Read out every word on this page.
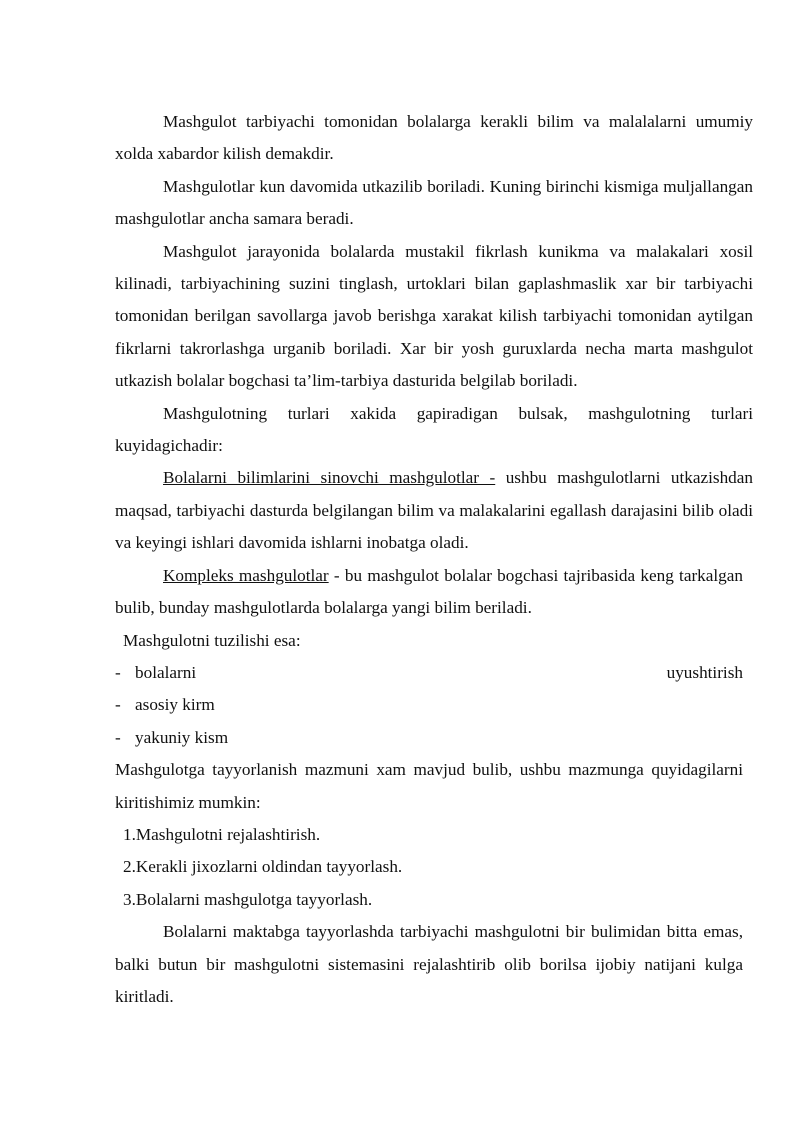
Mashgulot tarbiyachi tomonidan bolalarga kerakli bilim va malalalarni umumiy xolda xabardor kilish demakdir.

Mashgulotlar kun davomida utkazilib boriladi. Kuning birinchi kismiga muljallangan mashgulotlar ancha samara beradi.

Mashgulot jarayonida bolalarda mustakil fikrlash kunikma va malakalari xosil kilinadi, tarbiyachining suzini tinglash, urtoklari bilan gaplashmaslik xar bir tarbiyachi tomonidan berilgan savollarga javob berishga xarakat kilish tarbiyachi tomonidan aytilgan fikrlarni takrorlashga urganib boriladi. Xar bir yosh guruxlarda necha marta mashgulot utkazish bolalar bogchasi ta’lim-tarbiya dasturida belgilab boriladi.

Mashgulotning turlari xakida gapiradigan bulsak, mashgulotning turlari kuyidagichadir:

Bolalarni bilimlarini sinovchi mashgulotlar - ushbu mashgulotlarni utkazishdan maqsad, tarbiyachi dasturda belgilangan bilim va malakalarini egallash darajasini bilib oladi va keyingi ishlari davomida ishlarni inobatga oladi.

Kompleks mashgulotlar - bu mashgulot bolalar bogchasi tajribasida keng tarkalgan bulib, bunday mashgulotlarda bolalarga yangi bilim beriladi.

Mashgulotni tuzilishi esa:

- bolalarni	uyushtirish
- asosiy kirm
- yakuniy kism

Mashgulotga tayyorlanish mazmuni xam mavjud bulib, ushbu mazmunga quyidagilarni kiritishimiz mumkin:

1.Mashgulotni rejalashtirish.
2.Kerakli jixozlarni oldindan tayyorlash.
3.Bolalarni mashgulotga tayyorlash.

Bolalarni maktabga tayyorlashda tarbiyachi mashgulotni bir bulimidan bitta emas, balki butun bir mashgulotni sistemasini rejalashtirib olib borilsa ijobiy natijani kulga kiritladi.
